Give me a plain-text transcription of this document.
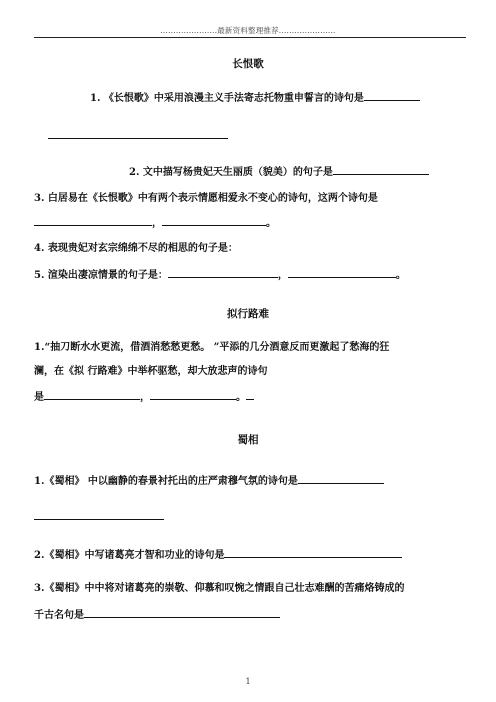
......................最新资料整理推荐......................
长恨歌
1. 《长恨歌》中采用浪漫主义手法寄志托物重申誓言的诗句是
2. 文中描写杨贵妃天生丽质（貌美）的句子是
3. 白居易在《长恨歌》中有两个表示情愿相爱永不变心的诗句，这两个诗句是
，	。
4. 表现贵妃对玄宗绵绵不尽的相思的句子是：
5. 渲染出凄凉情景的句子是：	，	。
拟行路难
1.“抽刀断水水更流，借酒消愁愁更愁。 ”平添的几分酒意反而更激起了愁海的狂
澜，在《拟 行路难》中举杯驱愁，却大放悲声的诗句
是	，	。
蜀相
1.《蜀相》 中以幽静的春景衬托出的庄严肃穆气氛的诗句是
2.《蜀相》中写诸葛亮才智和功业的诗句是
3.《蜀相》中中将对诸葛亮的崇敬、仰慕和叹惋之情跟自己壮志难酬的苦痛烙铸成的
千古名句是
1
